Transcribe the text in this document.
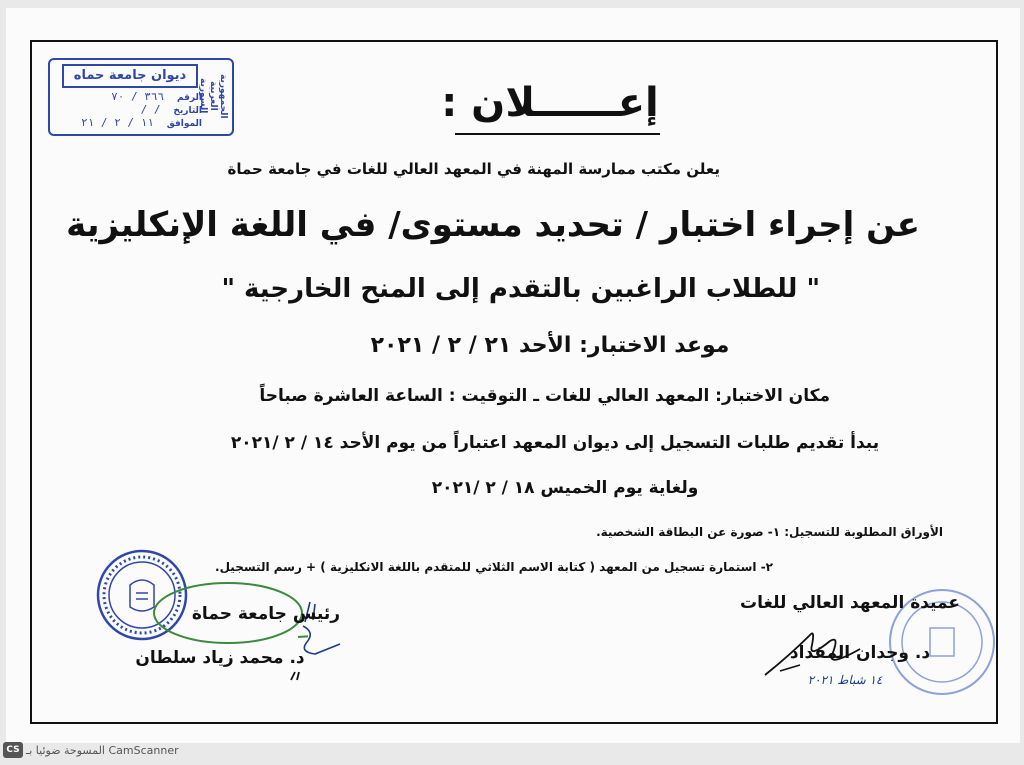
ديوان جامعة حماه	الجمهورية العربية السورية
الرقم ٣٦٦ / ٧٠
التاريخ / /
الموافق ١١ / ٢ / ٢١	إعــــــلان :
يعلن مكتب ممارسة المهنة في المعهد العالي للغات في جامعة حماة
عن إجراء اختبار / تحديد مستوى/ في اللغة الإنكليزية
" للطلاب الراغبين بالتقدم إلى المنح الخارجية "
موعد الاختبار: الأحد ٢١ / ٢ / ٢٠٢١
مكان الاختبار: المعهد العالي للغات ـ التوقيت : الساعة العاشرة صباحاً
يبدأ تقديم طلبات التسجيل إلى ديوان المعهد اعتباراً من يوم الأحد ١٤ / ٢ /٢٠٢١
ولغاية يوم الخميس ١٨ / ٢ /٢٠٢١
الأوراق المطلوبة للتسجيل: ١- صورة عن البطاقة الشخصية.
٢- استمارة تسجيل من المعهد ( كتابة الاسم الثلاثي للمتقدم باللغة الانكليزية ) + رسم التسجيل.
رئيس جامعة حماة
د. محمد زياد سلطان
عميدة المعهد العالي للغات
د. وجدان المقداد
١٤ شباط ٢٠٢١
CS المسوحة ضوئيا بـ CamScanner
